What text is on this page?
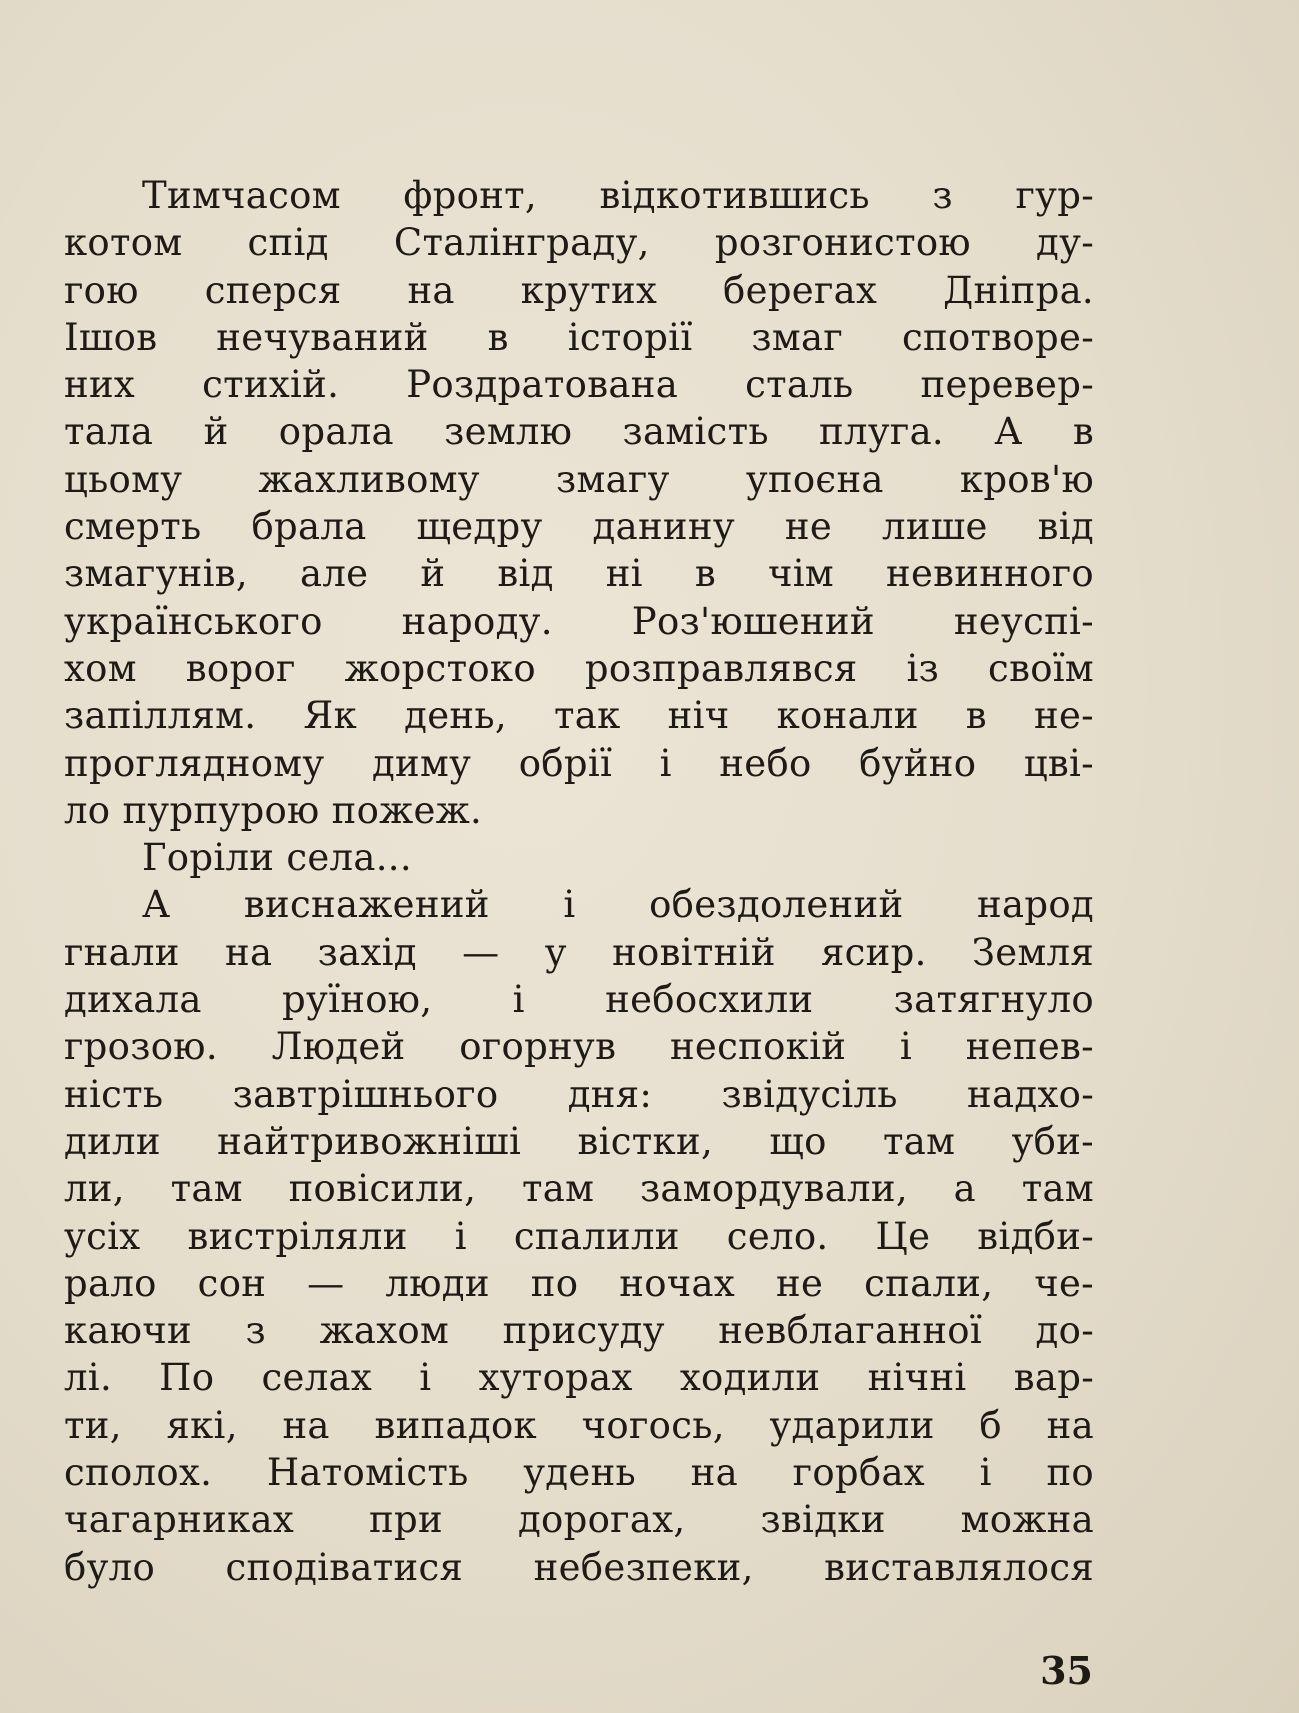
Тимчасом фронт, відкотившись з гур-
котом спід Сталінграду, розгонистою ду-
гою сперся на крутих берегах Дніпра.
Ішов нечуваний в історії змаг спотворе-
них стихій. Роздратована сталь перевер-
тала й орала землю замість плуга. А в
цьому жахливому змагу упоєна кров'ю
смерть брала щедру данину не лише від
змагунів, але й від ні в чім невинного
українського народу. Роз'юшений неуспі-
хом ворог жорстоко розправлявся із своїм
запіллям. Як день, так ніч конали в не-
проглядному диму обрії і небо буйно цві-
ло пурпурою пожеж.
Горіли села...
А виснажений і обездолений народ
гнали на захід — у новітній ясир. Земля
дихала руїною, і небосхили затягнуло
грозою. Людей огорнув неспокій і непев-
ність завтрішнього дня: звідусіль надхо-
дили найтривожніші вістки, що там уби-
ли, там повісили, там замордували, а там
усіх вистріляли і спалили село. Це відби-
рало сон — люди по ночах не спали, че-
каючи з жахом присуду невблаганної до-
лі. По селах і хуторах ходили нічні вар-
ти, які, на випадок чогось, ударили б на
сполох. Натомість удень на горбах і по
чагарниках при дорогах, звідки можна
було сподіватися небезпеки, виставлялося
35
